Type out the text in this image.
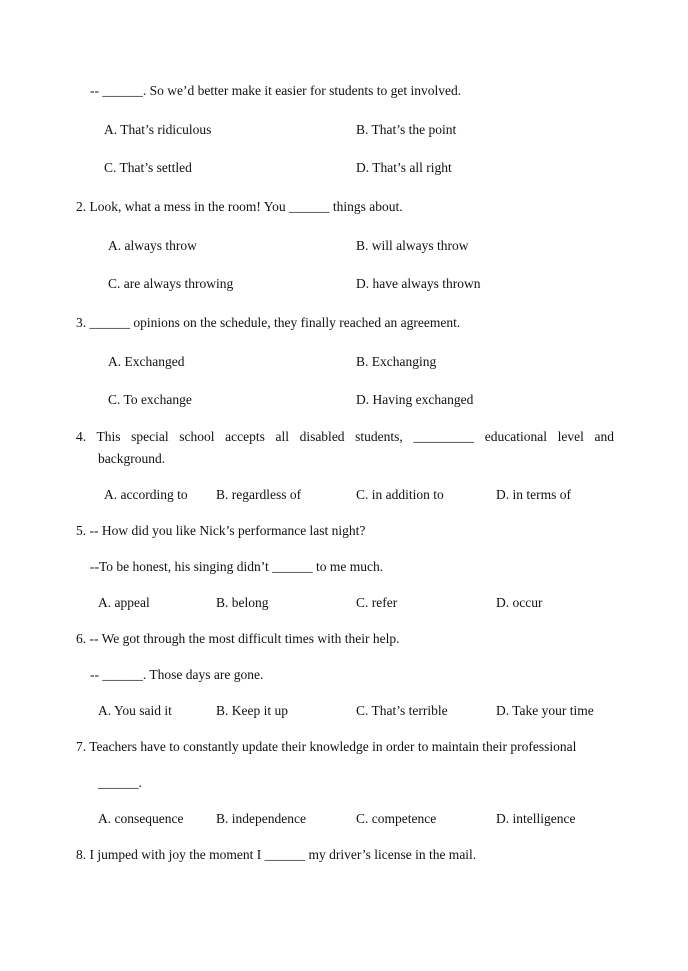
-- ______. So we’d better make it easier for students to get involved.
A. That’s ridiculous	B. That’s the point
C. That’s settled	D. That’s all right
2. Look, what a mess in the room! You ______ things about.
A. always throw	B. will always throw
C. are always throwing	D. have always thrown
3. ______ opinions on the schedule, they finally reached an agreement.
A. Exchanged	B. Exchanging
C. To exchange	D. Having exchanged
4. This special school accepts all disabled students, _________ educational level and
background.
A. according to B. regardless of	C. in addition to	D. in terms of
5. -- How did you like Nick’s performance last night?
--To be honest, his singing didn’t ______ to me much.
A. appeal	B. belong	C. refer	D. occur
6. -- We got through the most difficult times with their help.
-- ______. Those days are gone.
A. You said it	B. Keep it up	C. That’s terrible	D. Take your time
7. Teachers have to constantly update their knowledge in order to maintain their professional
______.
A. consequence B. independence	C. competence	D. intelligence
8. I jumped with joy the moment I ______ my driver’s license in the mail.
